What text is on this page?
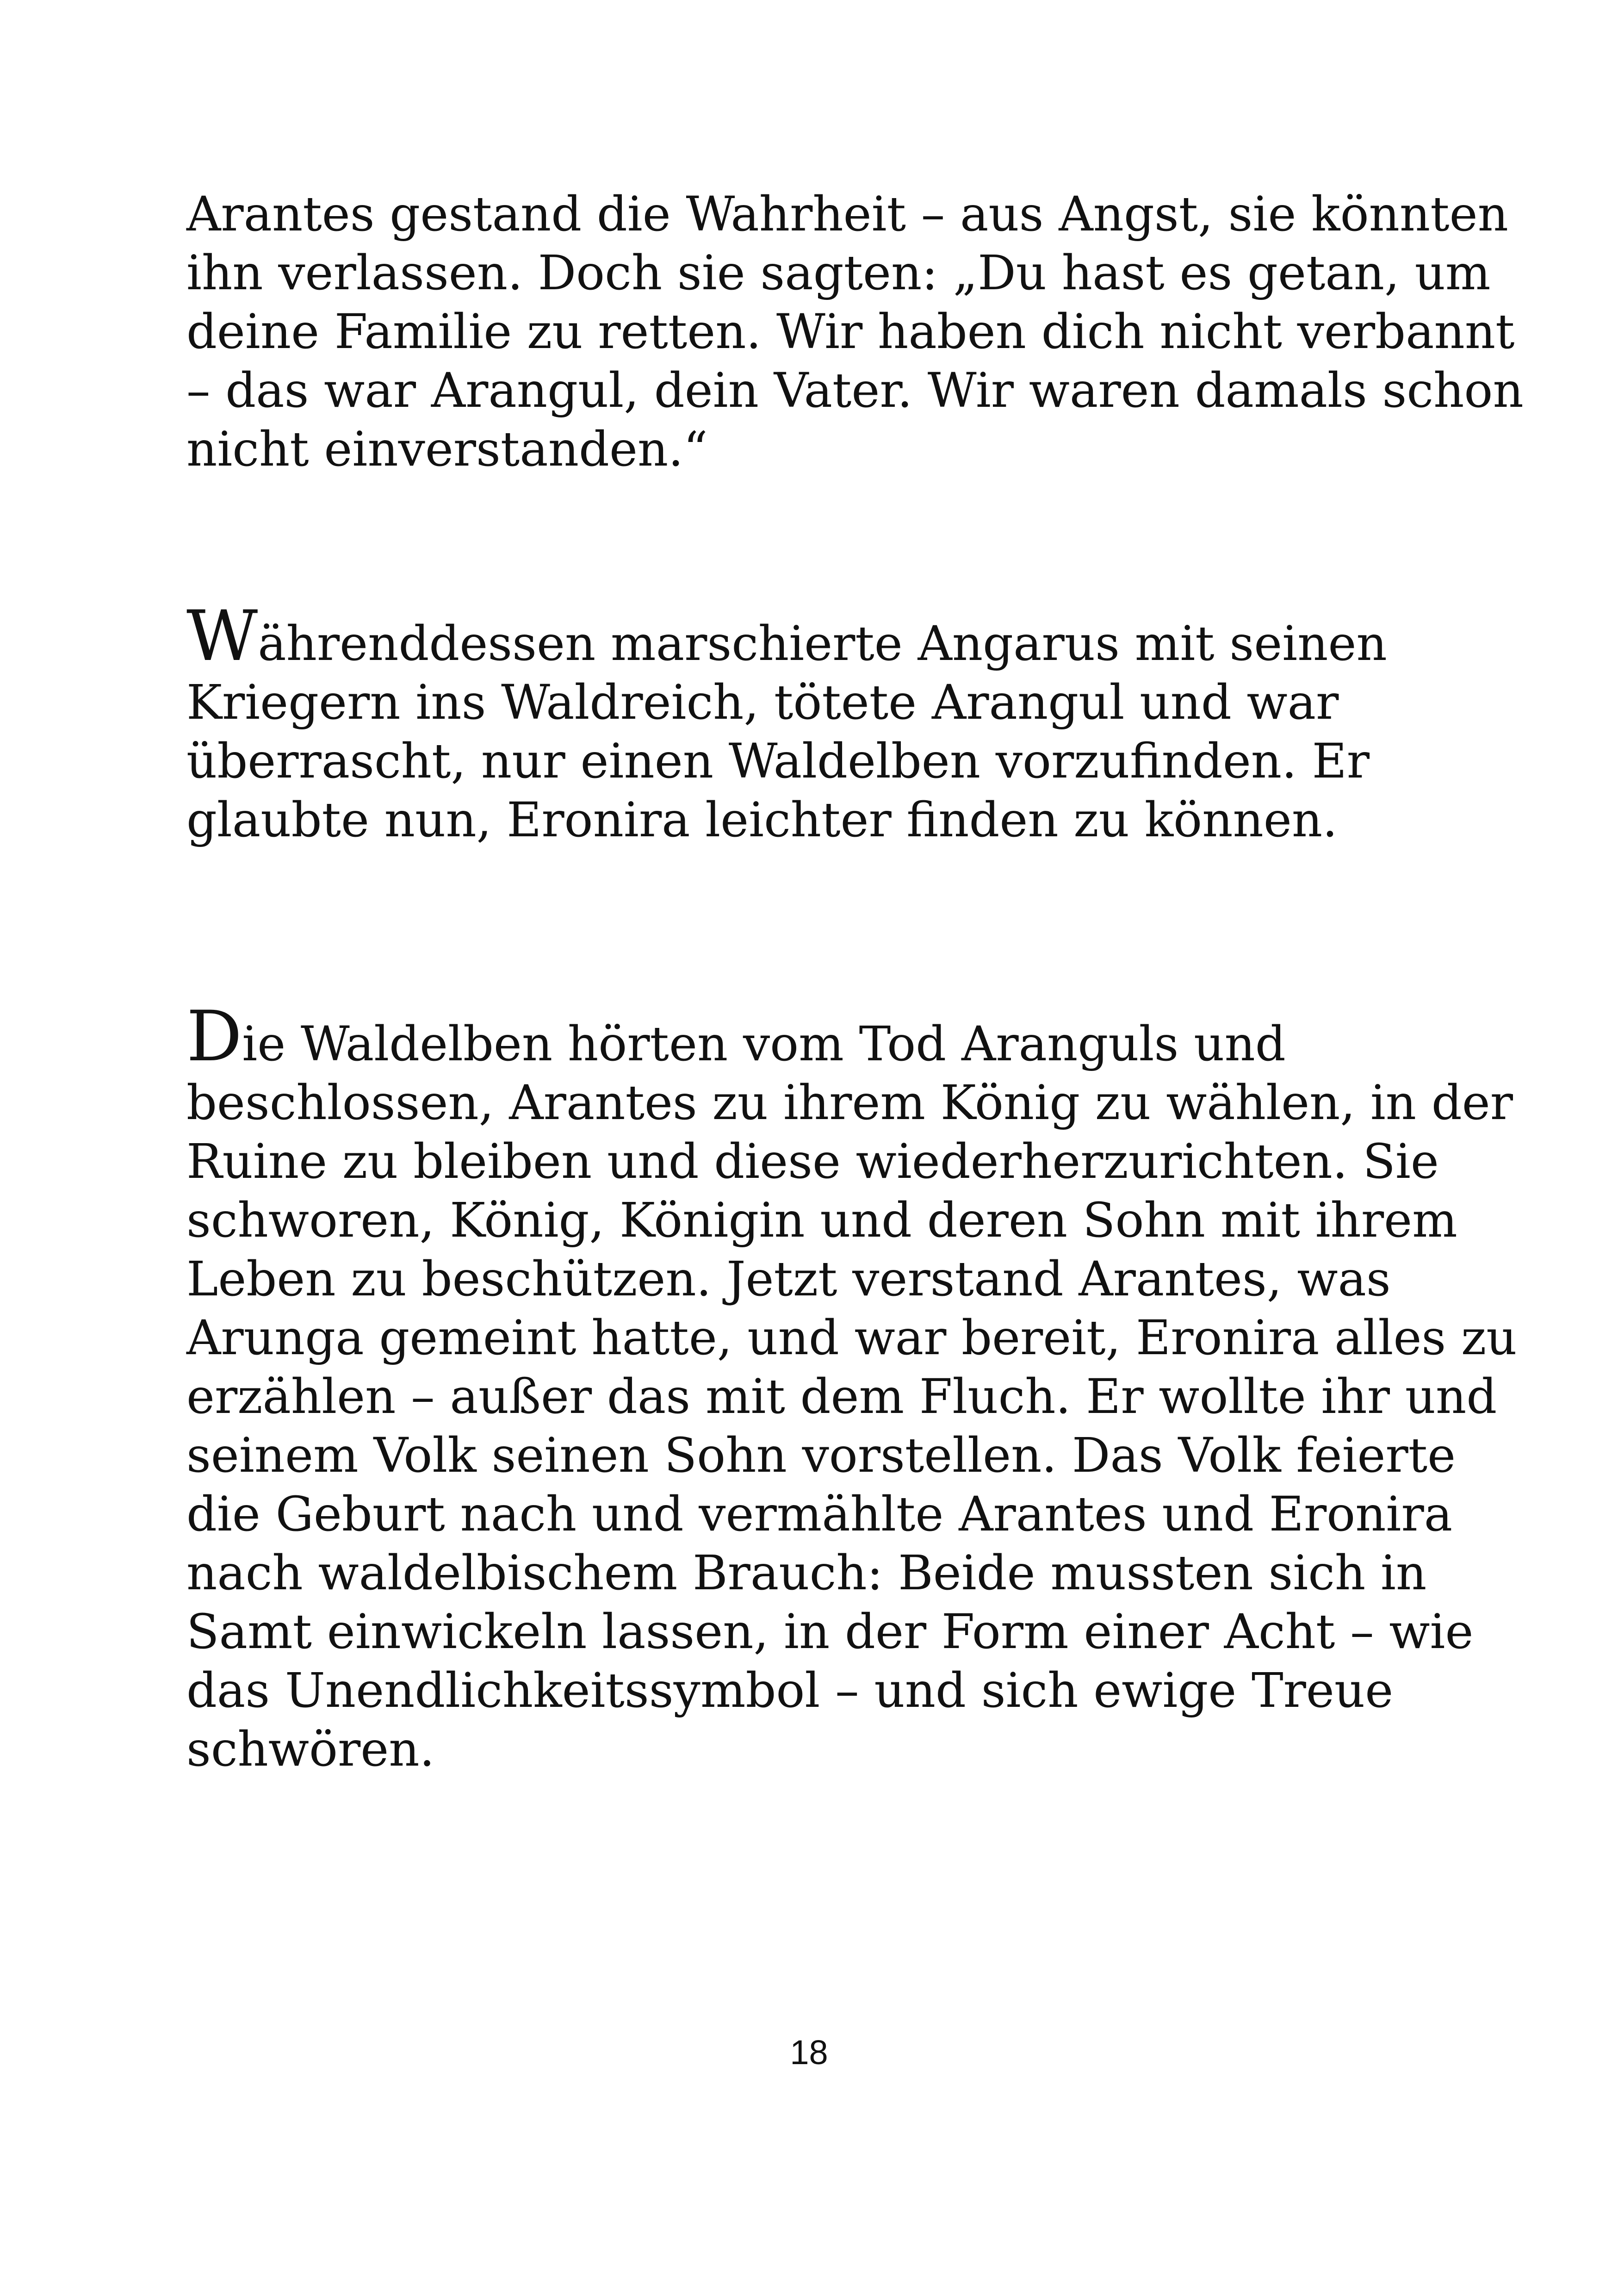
Arantes gestand die Wahrheit – aus Angst, sie könnten
ihn verlassen. Doch sie sagten: „Du hast es getan, um
deine Familie zu retten. Wir haben dich nicht verbannt
– das war Arangul, dein Vater. Wir waren damals schon
nicht einverstanden.“

Währenddessen marschierte Angarus mit seinen
Kriegern ins Waldreich, tötete Arangul und war
überrascht, nur einen Waldelben vorzufinden. Er
glaubte nun, Eronira leichter finden zu können.

Die Waldelben hörten vom Tod Aranguls und
beschlossen, Arantes zu ihrem König zu wählen, in der
Ruine zu bleiben und diese wiederherzurichten. Sie
schworen, König, Königin und deren Sohn mit ihrem
Leben zu beschützen. Jetzt verstand Arantes, was
Arunga gemeint hatte, und war bereit, Eronira alles zu
erzählen – außer das mit dem Fluch. Er wollte ihr und
seinem Volk seinen Sohn vorstellen. Das Volk feierte
die Geburt nach und vermählte Arantes und Eronira
nach waldelbischem Brauch: Beide mussten sich in
Samt einwickeln lassen, in der Form einer Acht – wie
das Unendlichkeitssymbol – und sich ewige Treue
schwören.

18
